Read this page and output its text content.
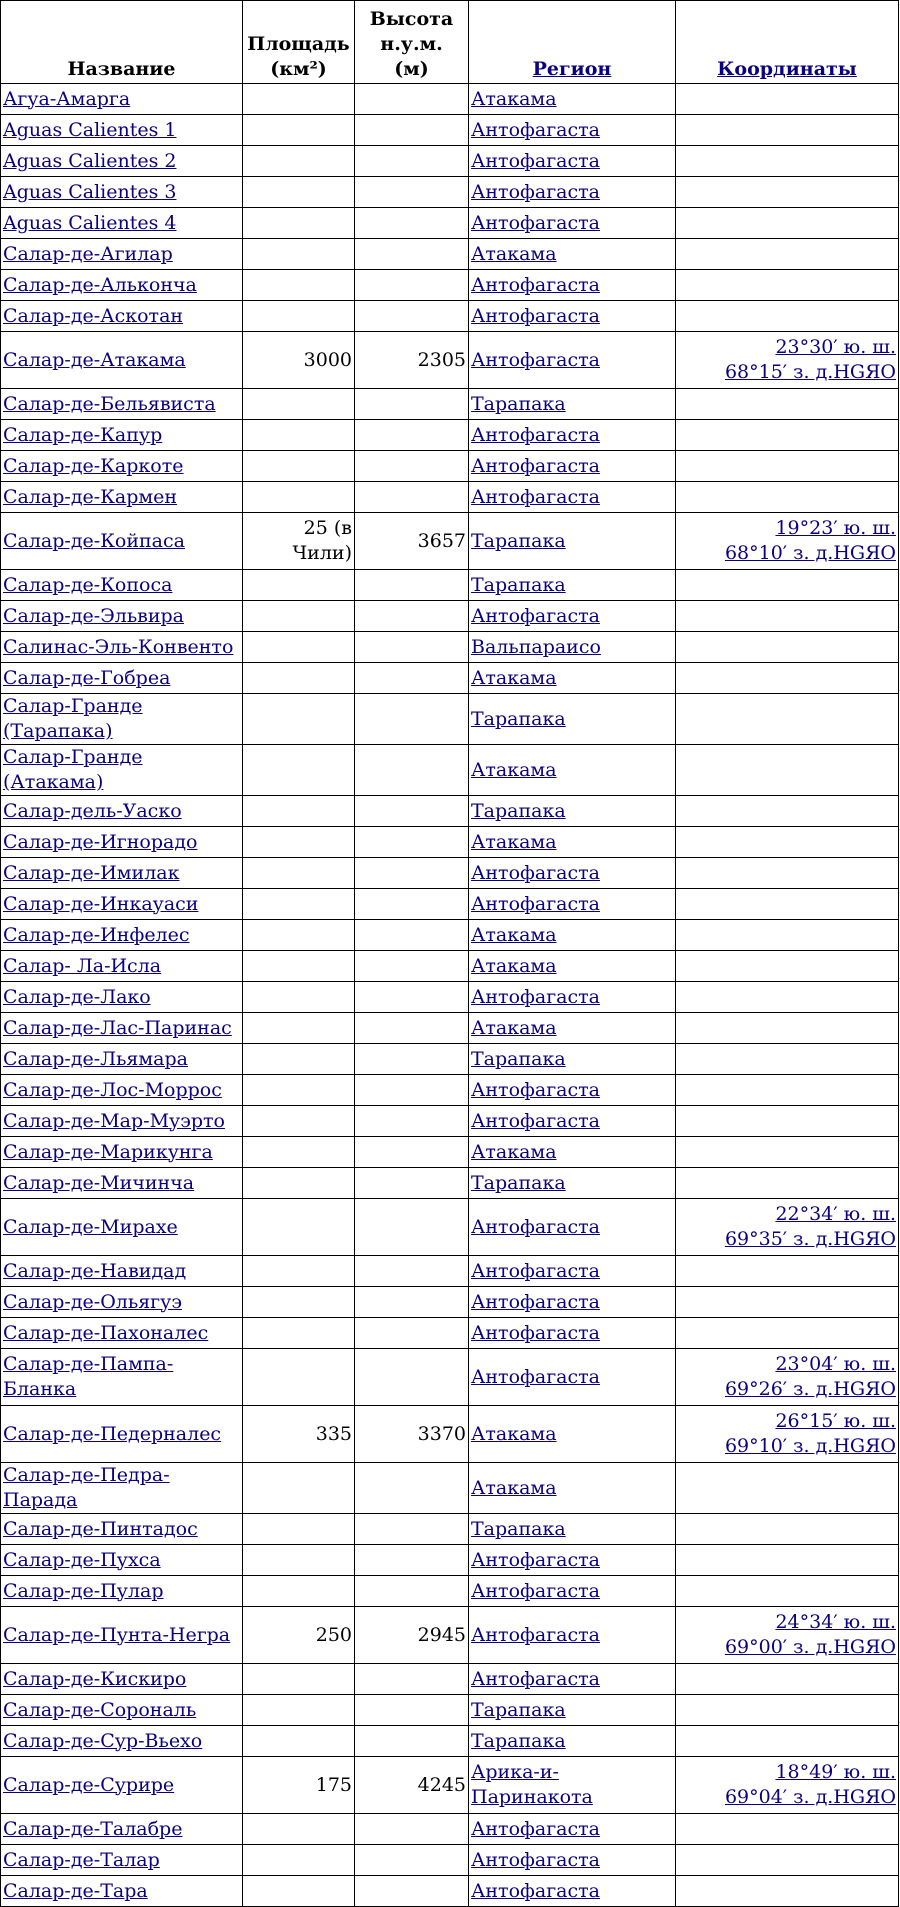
Название	Площадь (км²)	Высота
н.у.м.
(м)	Регион	Координаты
Агуа-Амарга			Атакама	
Aguas Calientes 1			Антофагаста	
Aguas Calientes 2			Антофагаста	
Aguas Calientes 3			Антофагаста	
Aguas Calientes 4			Антофагаста	
Салар-де-Агилар			Атакама	
Салар-де-Альконча			Антофагаста	
Салар-де-Аскотан			Антофагаста	
Салар-де-Атакама	3000	2305	Антофагаста	23°30′ ю. ш.
68°15′ з. д.HGЯO
Салар-де-Бельявиста			Тарапака	
Салар-де-Капур			Антофагаста	
Салар-де-Каркоте			Антофагаста	
Салар-де-Кармен			Антофагаста	
Салар-де-Койпаса	25 (в Чили)	3657	Тарапака	19°23′ ю. ш.
68°10′ з. д.HGЯO
Салар-де-Копоса			Тарапака	
Салар-де-Эльвира			Антофагаста	
Салинас-Эль-Конвенто			Вальпараисо	
Салар-де-Гобреа			Атакама	
Салар-Гранде (Тарапака)			Тарапака	
Салар-Гранде (Атакама)			Атакама	
Салар-дель-Уаско			Тарапака	
Салар-де-Игнорадо			Атакама	
Салар-де-Имилак			Антофагаста	
Салар-де-Инкауаси			Антофагаста	
Салар-де-Инфелес			Атакама	
Салар- Ла-Исла			Атакама	
Салар-де-Лако			Антофагаста	
Салар-де-Лас-Паринас			Атакама	
Салар-де-Льямара			Тарапака	
Салар-де-Лос-Моррос			Антофагаста	
Салар-де-Мар-Муэрто			Антофагаста	
Салар-де-Марикунга			Атакама	
Салар-де-Мичинча			Тарапака	
Салар-де-Мирахе			Антофагаста	22°34′ ю. ш.
69°35′ з. д.HGЯO
Салар-де-Навидад			Антофагаста	
Салар-де-Ольягуэ			Антофагаста	
Салар-де-Пахоналес			Антофагаста	
Салар-де-Пампа-Бланка			Антофагаста	23°04′ ю. ш.
69°26′ з. д.HGЯO
Салар-де-Педерналес	335	3370	Атакама	26°15′ ю. ш.
69°10′ з. д.HGЯO
Салар-де-Педра-Парада			Атакама	
Салар-де-Пинтадос			Тарапака	
Салар-де-Пухса			Антофагаста	
Салар-де-Пулар			Антофагаста	
Салар-де-Пунта-Негра	250	2945	Антофагаста	24°34′ ю. ш.
69°00′ з. д.HGЯO
Салар-де-Кискиро			Антофагаста	
Салар-де-Сорональ			Тарапака	
Салар-де-Сур-Вьехо			Тарапака	
Салар-де-Сурире	175	4245	Арика-и-Паринакота	18°49′ ю. ш.
69°04′ з. д.HGЯO
Салар-де-Талабре			Антофагаста	
Салар-де-Талар			Антофагаста	
Салар-де-Тара			Антофагаста	
